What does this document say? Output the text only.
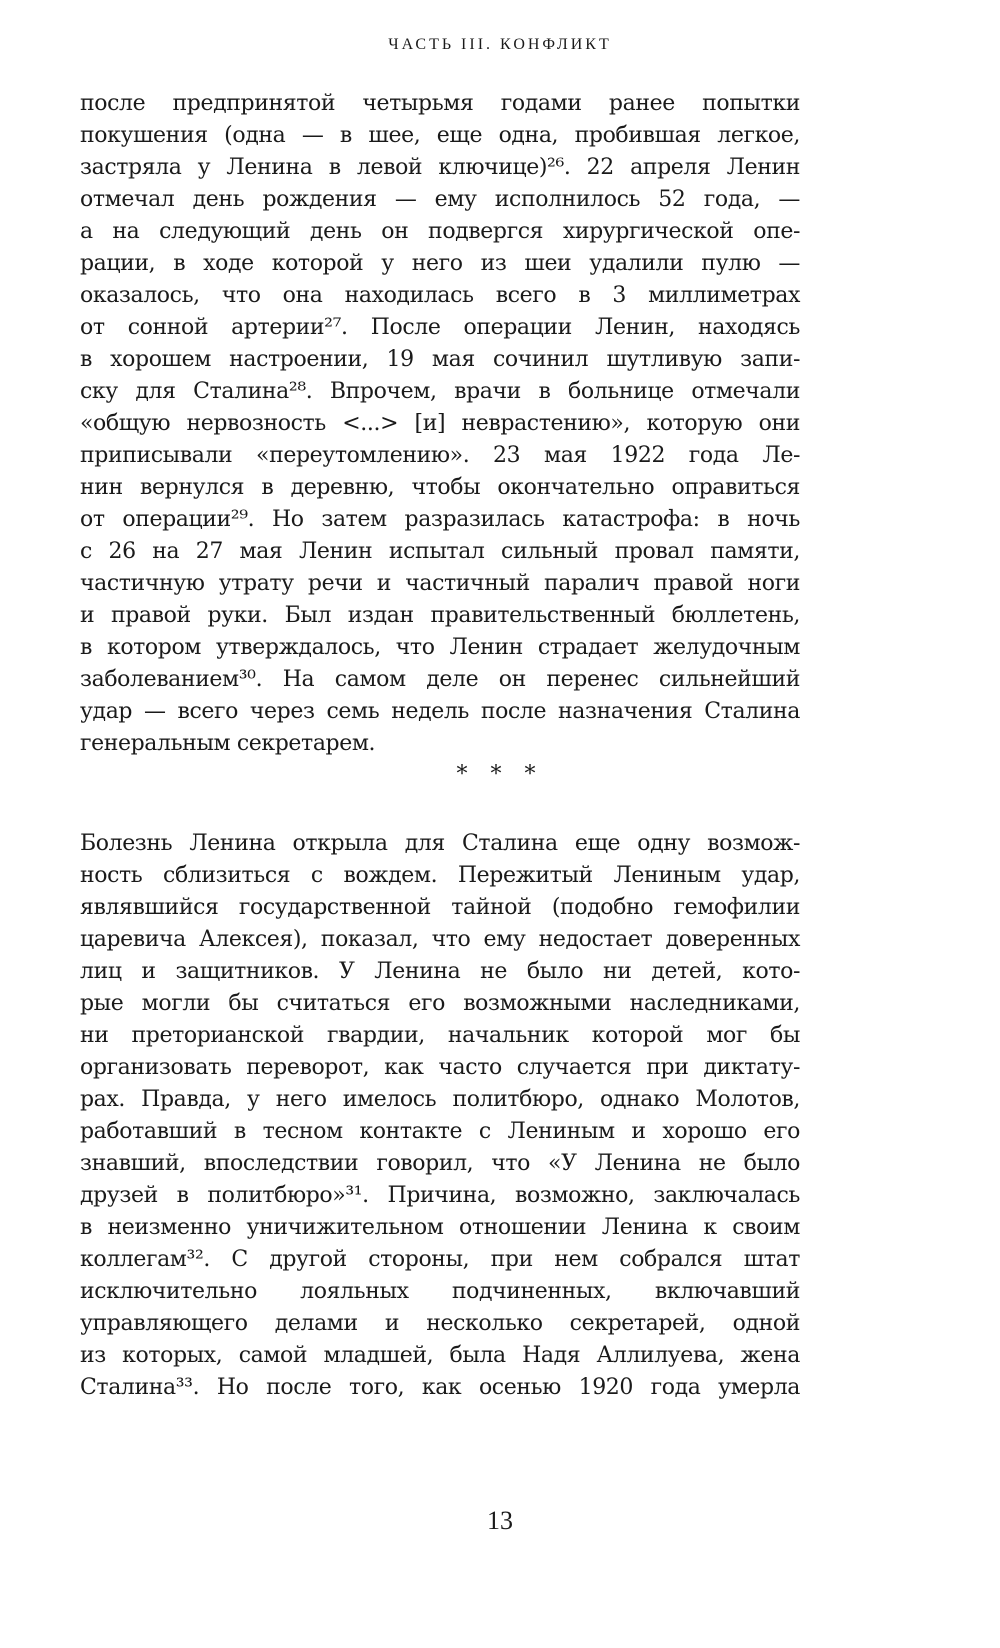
ЧАСТЬ III. КОНФЛИКТ
после предпринятой четырьмя годами ранее попытки
покушения (одна — в шее, еще одна, пробившая легкое,
застряла у Ленина в левой ключице)²⁶. 22 апреля Ленин
отмечал день рождения — ему исполнилось 52 года, —
а на следующий день он подвергся хирургической опе-
рации, в ходе которой у него из шеи удалили пулю —
оказалось, что она находилась всего в 3 миллиметрах
от сонной артерии²⁷. После операции Ленин, находясь
в хорошем настроении, 19 мая сочинил шутливую запи-
ску для Сталина²⁸. Впрочем, врачи в больнице отмечали
«общую нервозность <...> [и] неврастению», которую они
приписывали «переутомлению». 23 мая 1922 года Ле-
нин вернулся в деревню, чтобы окончательно оправиться
от операции²⁹. Но затем разразилась катастрофа: в ночь
с 26 на 27 мая Ленин испытал сильный провал памяти,
частичную утрату речи и частичный паралич правой ноги
и правой руки. Был издан правительственный бюллетень,
в котором утверждалось, что Ленин страдает желудочным
заболеванием³⁰. На самом деле он перенес сильнейший
удар — всего через семь недель после назначения Сталина
генеральным секретарем.
* * *
Болезнь Ленина открыла для Сталина еще одну возмож-
ность сблизиться с вождем. Пережитый Лениным удар,
являвшийся государственной тайной (подобно гемофилии
царевича Алексея), показал, что ему недостает доверенных
лиц и защитников. У Ленина не было ни детей, кото-
рые могли бы считаться его возможными наследниками,
ни преторианской гвардии, начальник которой мог бы
организовать переворот, как часто случается при диктату-
рах. Правда, у него имелось политбюро, однако Молотов,
работавший в тесном контакте с Лениным и хорошо его
знавший, впоследствии говорил, что «У Ленина не было
друзей в политбюро»³¹. Причина, возможно, заключалась
в неизменно уничижительном отношении Ленина к своим
коллегам³². С другой стороны, при нем собрался штат
исключительно лояльных подчиненных, включавший
управляющего делами и несколько секретарей, одной
из которых, самой младшей, была Надя Аллилуева, жена
Сталина³³. Но после того, как осенью 1920 года умерла
13
